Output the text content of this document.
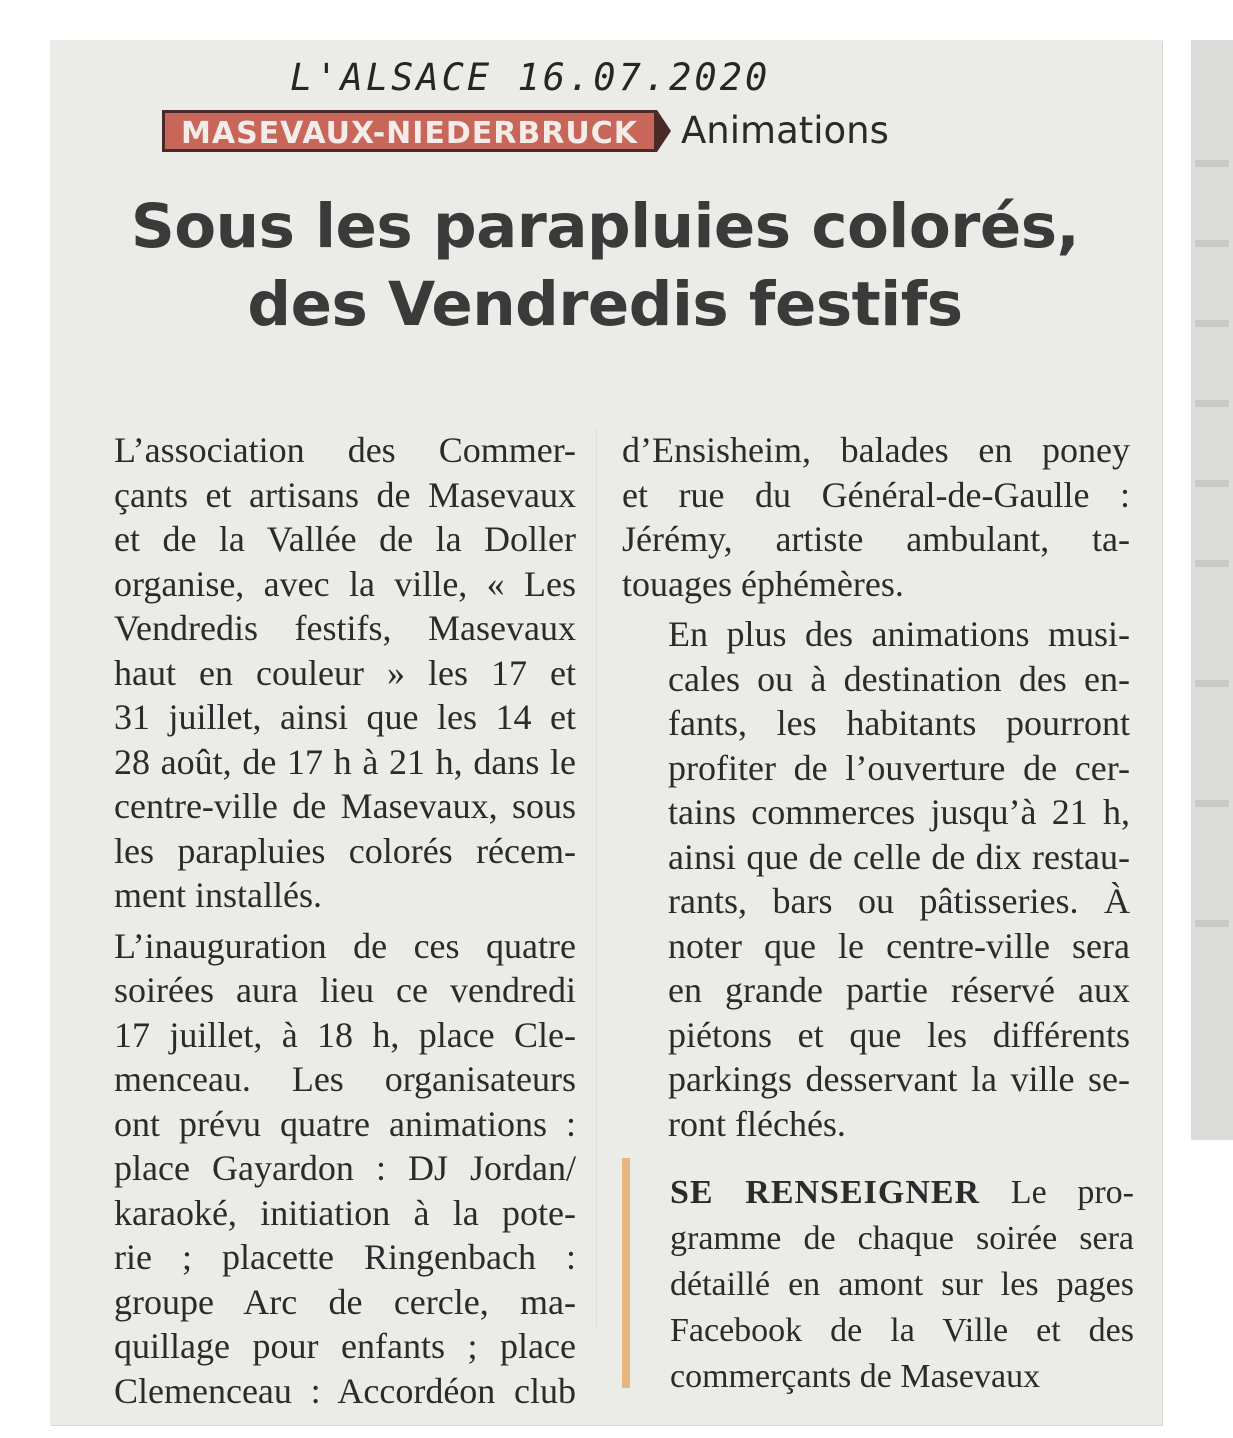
L'ALSACE 16.07.2020
MASEVAUX-NIEDERBRUCK	Animations
Sous les parapluies colorés,
des Vendredis festifs

L’association des Commer-
çants et artisans de Masevaux
et de la Vallée de la Doller
organise, avec la ville, « Les
Vendredis festifs, Masevaux
haut en couleur » les 17 et
31 juillet, ainsi que les 14 et
28 août, de 17 h à 21 h, dans le
centre-ville de Masevaux, sous
les parapluies colorés récem-
ment installés.

L’inauguration de ces quatre
soirées aura lieu ce vendredi
17 juillet, à 18 h, place Cle-
menceau. Les organisateurs
ont prévu quatre animations :
place Gayardon : DJ Jordan/
karaoké, initiation à la pote-
rie ; placette Ringenbach :
groupe Arc de cercle, ma-
quillage pour enfants ; place
Clemenceau : Accordéon club

d’Ensisheim, balades en poney
et rue du Général-de-Gaulle :
Jérémy, artiste ambulant, ta-
touages éphémères.

En plus des animations musi-
cales ou à destination des en-
fants, les habitants pourront
profiter de l’ouverture de cer-
tains commerces jusqu’à 21 h,
ainsi que de celle de dix restau-
rants, bars ou pâtisseries. À
noter que le centre-ville sera
en grande partie réservé aux
piétons et que les différents
parkings desservant la ville se-
ront fléchés.

SE RENSEIGNER Le pro-
gramme de chaque soirée sera
détaillé en amont sur les pages
Facebook de la Ville et des
commerçants de Masevaux
